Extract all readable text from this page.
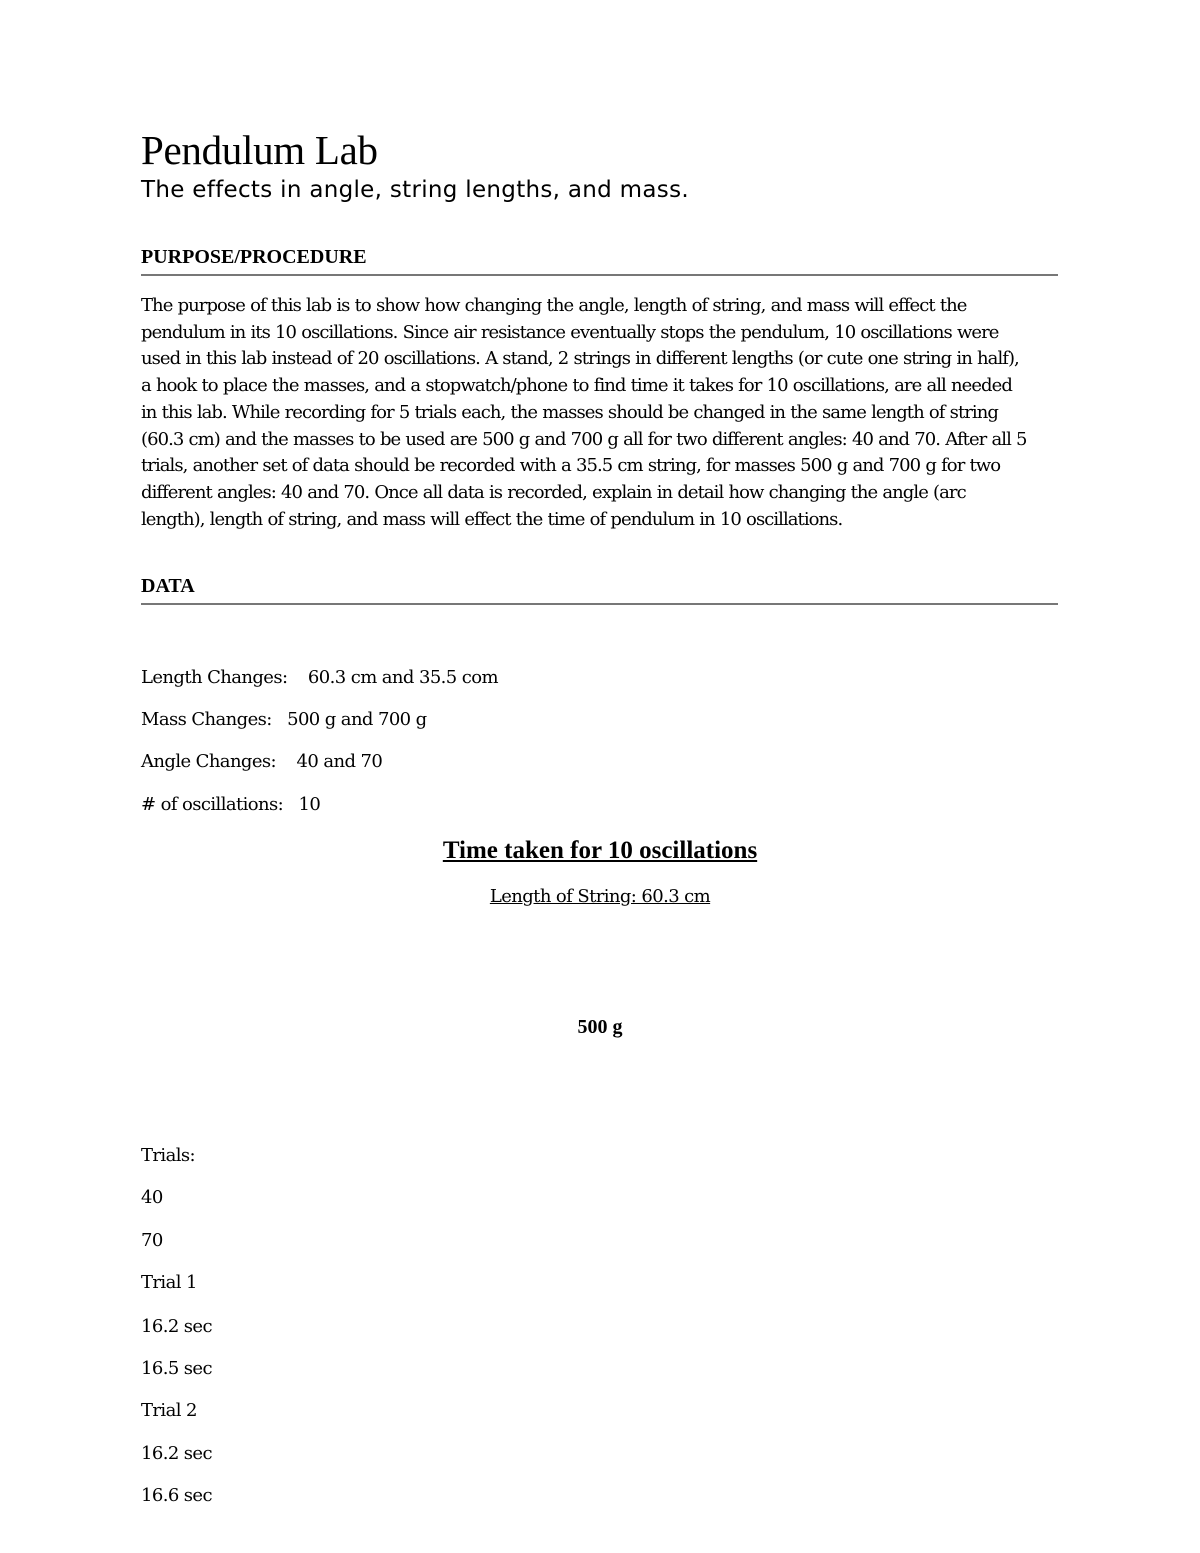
Pendulum Lab

The effects in angle, string lengths, and mass.

PURPOSE/PROCEDURE

The purpose of this lab is to show how changing the angle, length of string, and mass will effect the
pendulum in its 10 oscillations. Since air resistance eventually stops the pendulum, 10 oscillations were
used in this lab instead of 20 oscillations. A stand, 2 strings in different lengths (or cute one string in half),
a hook to place the masses, and a stopwatch/phone to find time it takes for 10 oscillations, are all needed
in this lab. While recording for 5 trials each, the masses should be changed in the same length of string
(60.3 cm) and the masses to be used are 500 g and 700 g all for two different angles: 40 and 70. After all 5
trials, another set of data should be recorded with a 35.5 cm string, for masses 500 g and 700 g for two
different angles: 40 and 70. Once all data is recorded, explain in detail how changing the angle (arc
length), length of string, and mass will effect the time of pendulum in 10 oscillations.

DATA

Length Changes:    60.3 cm and 35.5 com

Mass Changes:   500 g and 700 g

Angle Changes:    40 and 70

# of oscillations:   10

Time taken for 10 oscillations

Length of String: 60.3 cm

500 g

Trials:

40

70

Trial 1

16.2 sec

16.5 sec

Trial 2

16.2 sec

16.6 sec
